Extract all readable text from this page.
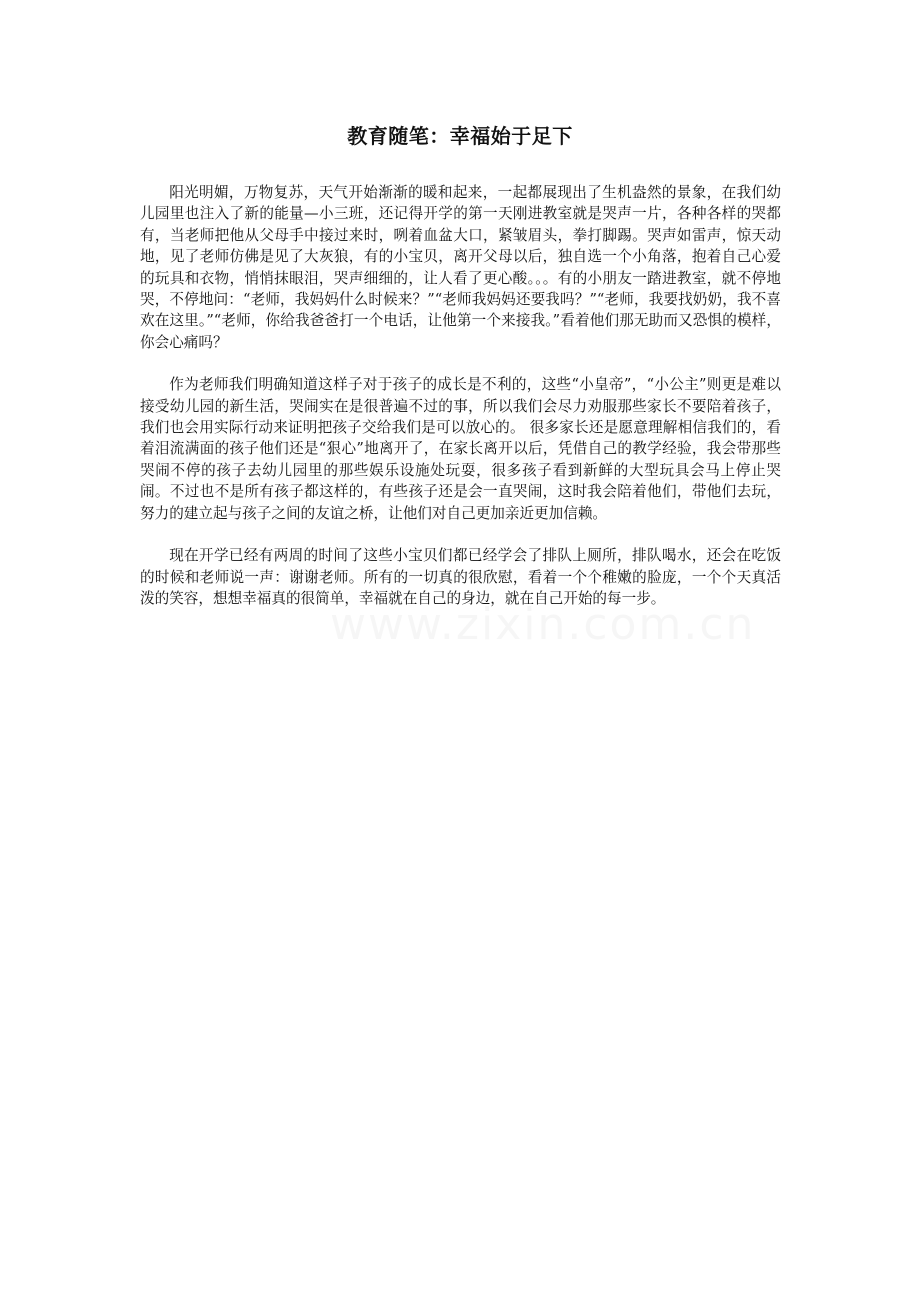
教育随笔：幸福始于足下

阳光明媚，万物复苏，天气开始渐渐的暖和起来，一起都展现出了生机盎然的景象，在我们幼儿园里也注入了新的能量—小三班，还记得开学的第一天刚进教室就是哭声一片，各种各样的哭都有，当老师把他从父母手中接过来时，咧着血盆大口，紧皱眉头，拳打脚踢。哭声如雷声，惊天动地，见了老师仿佛是见了大灰狼，有的小宝贝，离开父母以后，独自选一个小角落，抱着自己心爱的玩具和衣物，悄悄抹眼泪，哭声细细的，让人看了更心酸。。。有的小朋友一踏进教室，就不停地哭，不停地问：“老师，我妈妈什么时候来？”“老师我妈妈还要我吗？”“老师，我要找奶奶，我不喜欢在这里。”“老师，你给我爸爸打一个电话，让他第一个来接我。”看着他们那无助而又恐惧的模样，你会心痛吗？

作为老师我们明确知道这样子对于孩子的成长是不利的，这些“小皇帝”，“小公主”则更是难以接受幼儿园的新生活，哭闹实在是很普遍不过的事，所以我们会尽力劝服那些家长不要陪着孩子，我们也会用实际行动来证明把孩子交给我们是可以放心的。 很多家长还是愿意理解相信我们的，看着泪流满面的孩子他们还是“狠心”地离开了，在家长离开以后，凭借自己的教学经验，我会带那些哭闹不停的孩子去幼儿园里的那些娱乐设施处玩耍，很多孩子看到新鲜的大型玩具会马上停止哭闹。不过也不是所有孩子都这样的，有些孩子还是会一直哭闹，这时我会陪着他们，带他们去玩，努力的建立起与孩子之间的友谊之桥，让他们对自己更加亲近更加信赖。

现在开学已经有两周的时间了这些小宝贝们都已经学会了排队上厕所，排队喝水，还会在吃饭的时候和老师说一声：谢谢老师。所有的一切真的很欣慰，看着一个个稚嫩的脸庞，一个个天真活泼的笑容，想想幸福真的很简单，幸福就在自己的身边，就在自己开始的每一步。

www.zixin.com.cn
